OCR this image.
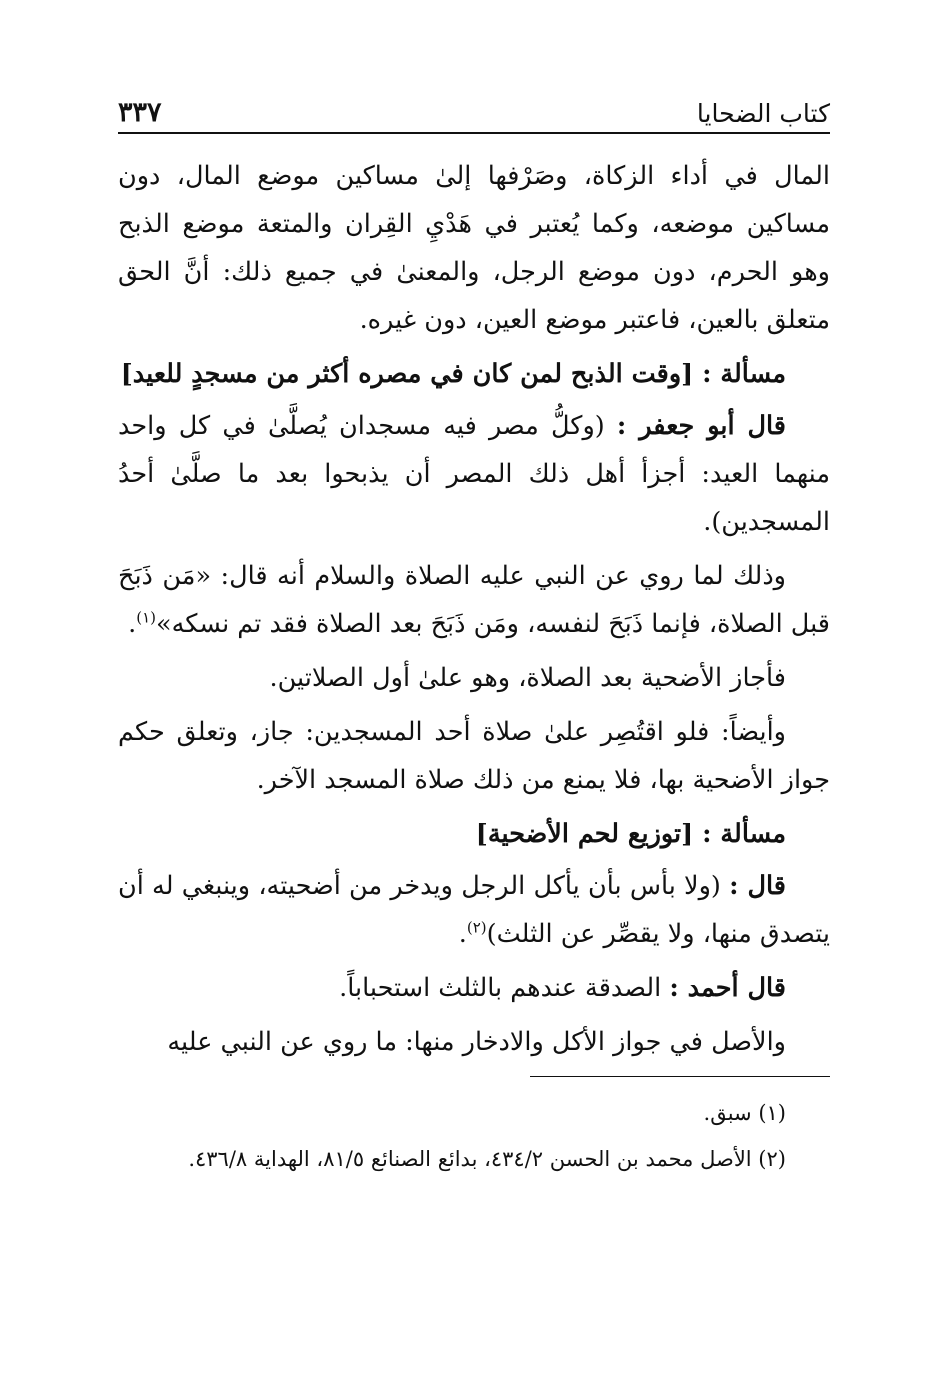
كتاب الضحايا
٣٣٧

المال في أداء الزكاة، وصَرْفها إلىٰ مساكين موضع المال، دون مساكين موضعه، وكما يُعتبر في هَدْيِ القِران والمتعة موضع الذبح وهو الحرم، دون موضع الرجل، والمعنىٰ في جميع ذلك: أنَّ الحق متعلق بالعين، فاعتبر موضع العين، دون غيره.

مسألة : [وقت الذبح لمن كان في مصره أكثر من مسجدٍ للعيد]

قال أبو جعفر : (وكلُّ مصر فيه مسجدان يُصلَّىٰ في كل واحد منهما العيد: أجزأ أهل ذلك المصر أن يذبحوا بعد ما صلَّىٰ أحدُ المسجدين).

وذلك لما روي عن النبي عليه الصلاة والسلام أنه قال: «مَن ذَبَحَ قبل الصلاة، فإنما ذَبَحَ لنفسه، ومَن ذَبَحَ بعد الصلاة فقد تم نسكه»$^{(١)}$.

فأجاز الأضحية بعد الصلاة، وهو علىٰ أول الصلاتين.

وأيضاً: فلو اقتُصِر علىٰ صلاة أحد المسجدين: جاز، وتعلق حكم جواز الأضحية بها، فلا يمنع من ذلك صلاة المسجد الآخر.

مسألة : [توزيع لحم الأضحية]

قال : (ولا بأس بأن يأكل الرجل ويدخر من أضحيته، وينبغي له أن يتصدق منها، ولا يقصِّر عن الثلث)$^{(٢)}$.

قال أحمد : الصدقة عندهم بالثلث استحباباً.

والأصل في جواز الأكل والادخار منها: ما روي عن النبي عليه

(١) سبق.

(٢) الأصل محمد بن الحسن ٤٣٤/٢، بدائع الصنائع ٨١/٥، الهداية ٤٣٦/٨.
